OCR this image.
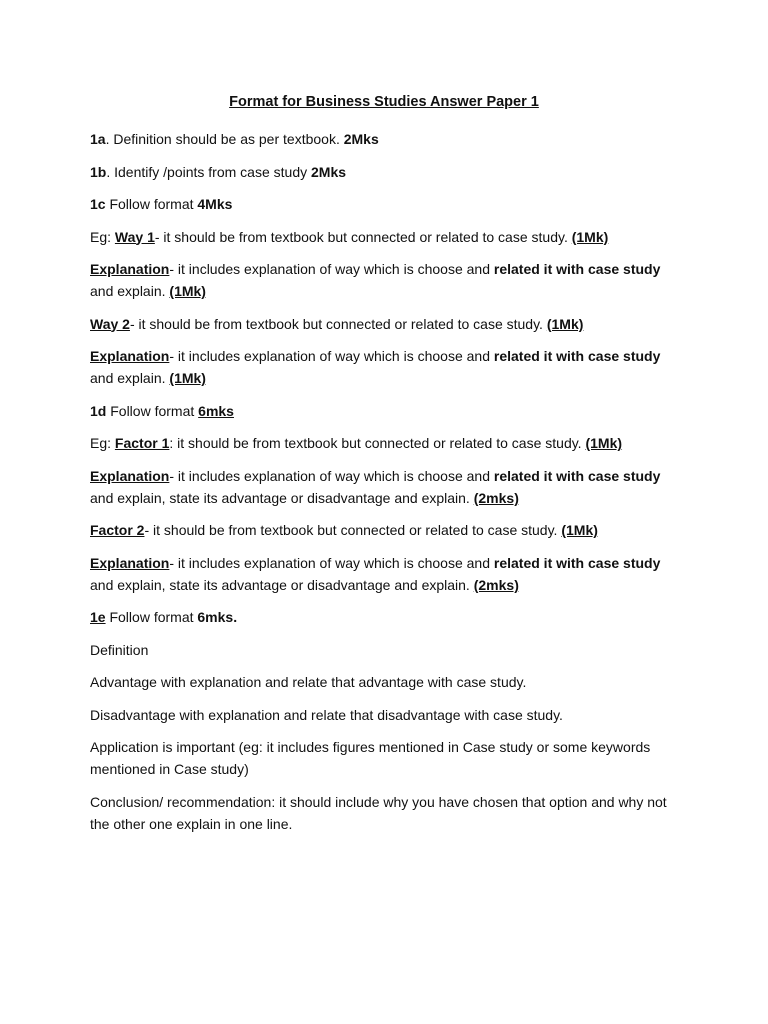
Format for Business Studies Answer Paper 1

1a. Definition should be as per textbook. 2Mks

1b. Identify /points from case study 2Mks

1c Follow format 4Mks

Eg: Way 1- it should be from textbook but connected or related to case study. (1Mk)

Explanation- it includes explanation of way which is choose and related it with case study and explain. (1Mk)

Way 2- it should be from textbook but connected or related to case study. (1Mk)

Explanation- it includes explanation of way which is choose and related it with case study and explain. (1Mk)

1d Follow format 6mks

Eg: Factor 1: it should be from textbook but connected or related to case study. (1Mk)

Explanation- it includes explanation of way which is choose and related it with case study and explain, state its advantage or disadvantage and explain. (2mks)

Factor 2- it should be from textbook but connected or related to case study. (1Mk)

Explanation- it includes explanation of way which is choose and related it with case study and explain, state its advantage or disadvantage and explain. (2mks)

1e Follow format 6mks.

Definition

Advantage with explanation and relate that advantage with case study.

Disadvantage with explanation and relate that disadvantage with case study.

Application is important (eg: it includes figures mentioned in Case study or some keywords mentioned in Case study)

Conclusion/ recommendation: it should include why you have chosen that option and why not the other one explain in one line.
